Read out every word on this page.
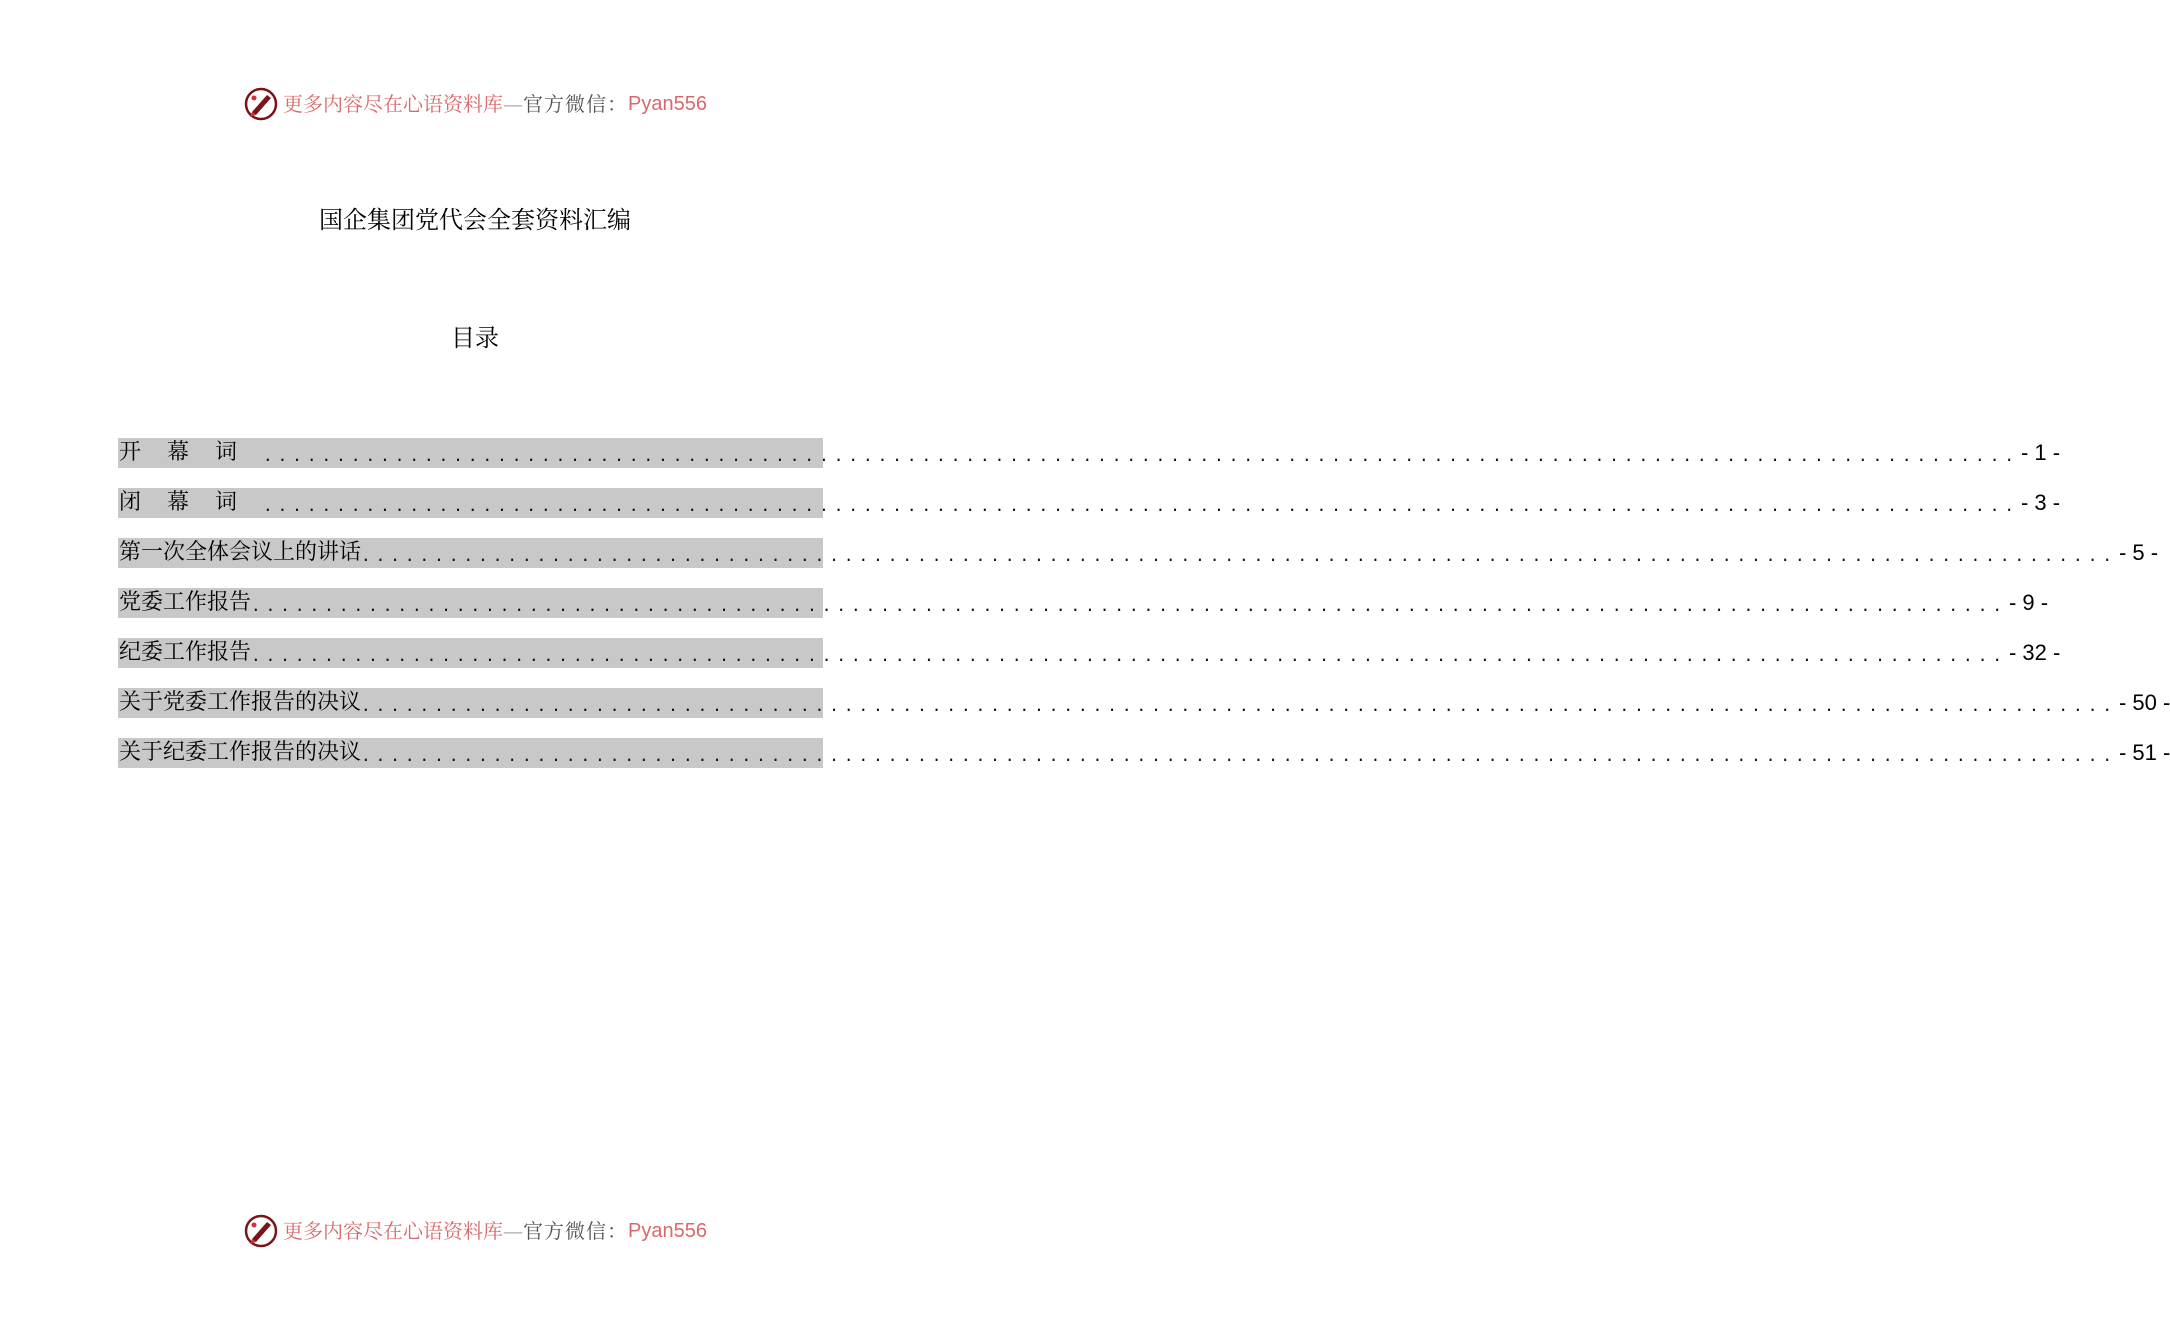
更多内容尽在心语资料库 — 官方微信： Pyan556
国企集团党代会全套资料汇编
目录
开幕词 ........................................................................................................................ - 1 -
闭幕词 ........................................................................................................................ - 3 -
第一次全体会议上的讲话 ........................................................................................................................ - 5 -
党委工作报告 ........................................................................................................................ - 9 -
纪委工作报告 ........................................................................................................................ - 32 -
关于党委工作报告的决议 ........................................................................................................................ - 50 -
关于纪委工作报告的决议 ........................................................................................................................ - 51 -
更多内容尽在心语资料库 — 官方微信： Pyan556
